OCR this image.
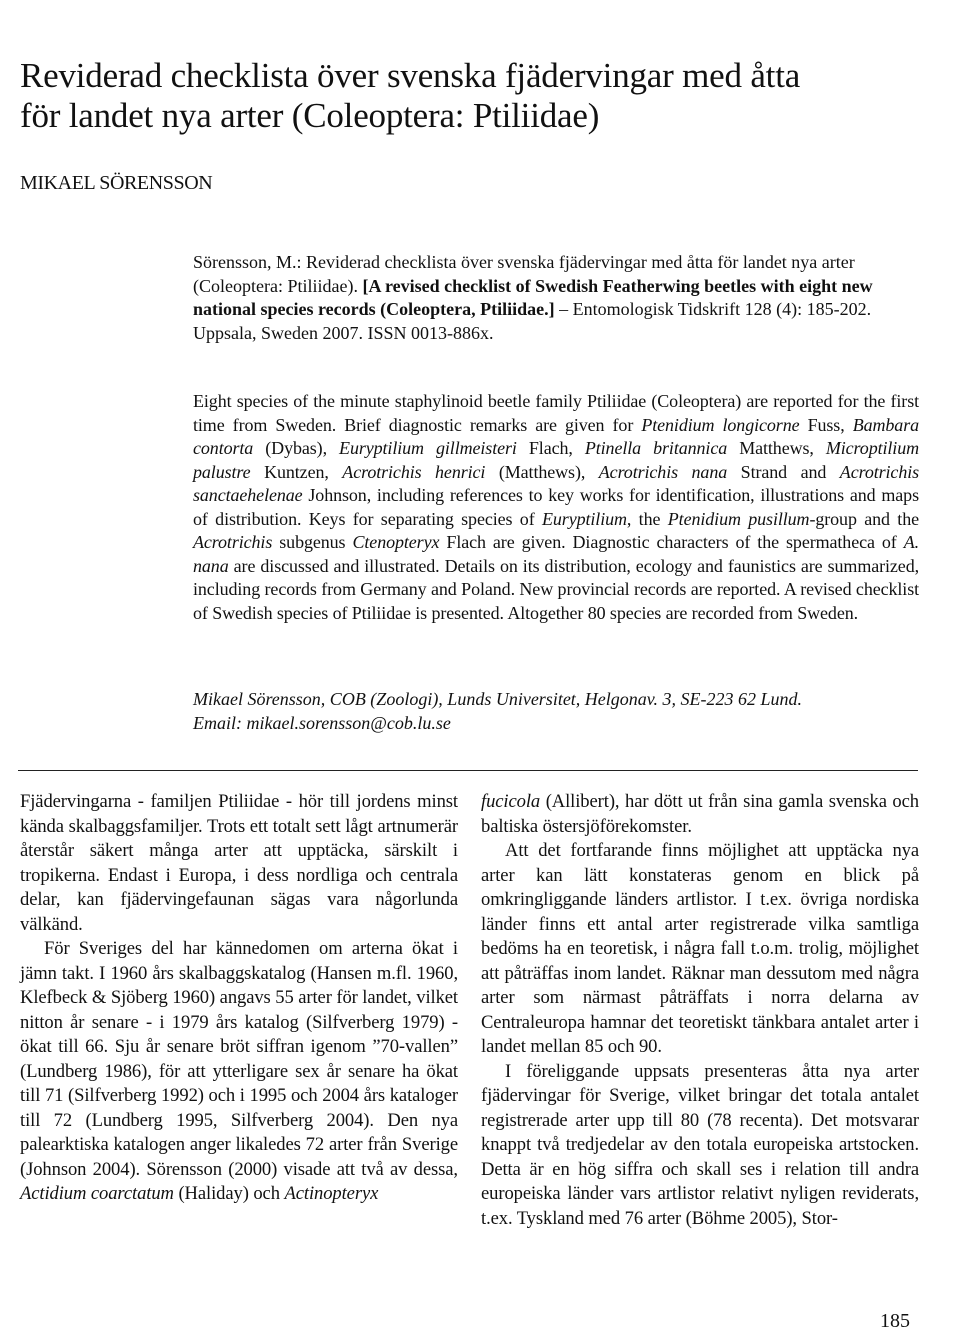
Reviderad checklista över svenska fjädervingar med åtta
för landet nya arter (Coleoptera: Ptiliidae)
MIKAEL SÖRENSSON

Sörensson, M.: Reviderad checklista över svenska fjädervingar med åtta för landet nya arter (Coleoptera: Ptiliidae). [A revised checklist of Swedish Featherwing beetles with eight new national species records (Coleoptera, Ptiliidae.] – Entomologisk Tidskrift 128 (4): 185-202. Uppsala, Sweden 2007. ISSN 0013-886x.

Eight species of the minute staphylinoid beetle family Ptiliidae (Coleoptera) are reported for the first time from Sweden. Brief diagnostic remarks are given for Ptenidium longicorne Fuss, Bambara contorta (Dybas), Euryptilium gillmeisteri Flach, Ptinella britannica Matthews, Microptilium palustre Kuntzen, Acrotrichis henrici (Matthews), Acrotrichis nana Strand and Acrotrichis sanctaehelenae Johnson, including references to key works for identification, illustrations and maps of distribution. Keys for separating species of Euryptilium, the Ptenidium pusillum-group and the Acrotrichis subgenus Ctenopteryx Flach are given. Diagnostic characters of the spermatheca of A. nana are discussed and illustrated. Details on its distribution, ecology and faunistics are summarized, including records from Germany and Poland. New provincial records are reported. A revised checklist of Swedish species of Ptiliidae is presented. Altogether 80 species are recorded from Sweden.

Mikael Sörensson, COB (Zoologi), Lunds Universitet, Helgonav. 3, SE-223 62 Lund.
Email: mikael.sorensson@cob.lu.se

Fjädervingarna - familjen Ptiliidae - hör till jordens minst kända skalbaggsfamiljer. Trots ett totalt sett lågt artnumerär återstår säkert många arter att upptäcka, särskilt i tropikerna. Endast i Europa, i dess nordliga och centrala delar, kan fjädervingefaunan sägas vara någorlunda välkänd.

För Sveriges del har kännedomen om arterna ökat i jämn takt. I 1960 års skalbaggskatalog (Hansen m.fl. 1960, Klefbeck & Sjöberg 1960) angavs 55 arter för landet, vilket nitton år senare - i 1979 års katalog (Silfverberg 1979) - ökat till 66. Sju år senare bröt siffran igenom ”70-vallen” (Lundberg 1986), för att ytterligare sex år senare ha ökat till 71 (Silfverberg 1992) och i 1995 och 2004 års kataloger till 72 (Lundberg 1995, Silfverberg 2004). Den nya palearktiska katalogen anger likaledes 72 arter från Sverige (Johnson 2004). Sörensson (2000) visade att två av dessa, Actidium coarctatum (Haliday) och Actinopteryx

fucicola (Allibert), har dött ut från sina gamla svenska och baltiska östersjöförekomster.

Att det fortfarande finns möjlighet att upptäcka nya arter kan lätt konstateras genom en blick på omkringliggande länders artlistor. I t.ex. övriga nordiska länder finns ett antal arter registrerade vilka samtliga bedöms ha en teoretisk, i några fall t.o.m. trolig, möjlighet att påträffas inom landet. Räknar man dessutom med några arter som närmast påträffats i norra delarna av Centraleuropa hamnar det teoretiskt tänkbara antalet arter i landet mellan 85 och 90.

I föreliggande uppsats presenteras åtta nya arter fjädervingar för Sverige, vilket bringar det totala antalet registrerade arter upp till 80 (78 recenta). Det motsvarar knappt två tredjedelar av den totala europeiska artstocken. Detta är en hög siffra och skall ses i relation till andra europeiska länder vars artlistor relativt nyligen reviderats, t.ex. Tyskland med 76 arter (Böhme 2005), Stor-

185
